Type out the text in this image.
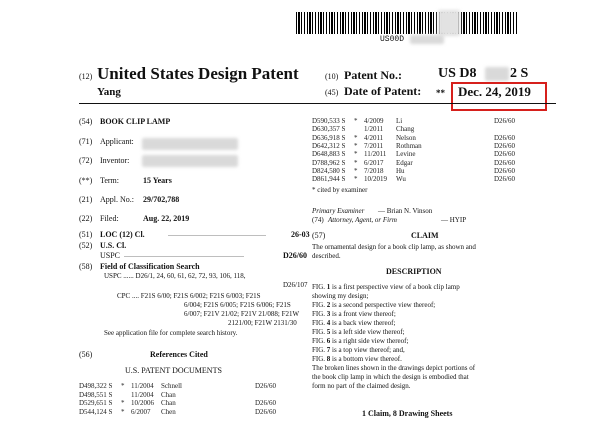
US00D
(12) United States Design Patent
Yang
(10) Patent No.:	US D8 2 S
(45) Date of Patent: ** Dec. 24, 2019
(54) BOOK CLIP LAMP
(71) Applicant:
(72) Inventor:
(**) Term:	15 Years
(21) Appl. No.: 29/702,788
(22) Filed:	Aug. 22, 2019
(51) LOC (12) Cl.	.................................................	26-03
(52) U.S. Cl.
USPC ............................................................	D26/60
(58) Field of Classification Search
USPC ...... D26/1, 24, 60, 61, 62, 72, 93, 106, 118,
D26/107
CPC .... F21S 6/00; F21S 6/002; F21S 6/003; F21S
6/004; F21S 6/005; F21S 6/006; F21S
6/007; F21V 21/02; F21V 21/088; F21W
2121/00; F21W 2131/30
See application file for complete search history.
(56)	References Cited
U.S. PATENT DOCUMENTS
D498,322 S * 11/2004 Schnell	D26/60
D498,551 S	11/2004 Chan
D529,651 S * 10/2006 Chan	D26/60
D544,124 S * 6/2007 Chen	D26/60
D590,533 S * 4/2009 Li	D26/60
D630,357 S	1/2011 Chang
D636,918 S * 4/2011 Nelson	D26/60
D642,312 S * 7/2011 Rothman	D26/60
D648,883 S * 11/2011 Levine	D26/60
D788,962 S * 6/2017 Edgar	D26/60
D824,580 S * 7/2018 Hu	D26/60
D861,944 S * 10/2019 Wu	D26/60
* cited by examiner
Primary Examiner — Brian N. Vinson
(74) Attorney, Agent, or Firm	— HYIP
(57)	CLAIM
The ornamental design for a book clip lamp, as shown and
described.
DESCRIPTION
FIG. 1 is a first perspective view of a book clip lamp
showing my design;
FIG. 2 is a second perspective view thereof;
FIG. 3 is a front view thereof;
FIG. 4 is a back view thereof;
FIG. 5 is a left side view thereof;
FIG. 6 is a right side view thereof;
FIG. 7 is a top view thereof; and,
FIG. 8 is a bottom view thereof.
The broken lines shown in the drawings depict portions of
the book clip lamp in which the design is embodied that
form no part of the claimed design.
1 Claim, 8 Drawing Sheets
